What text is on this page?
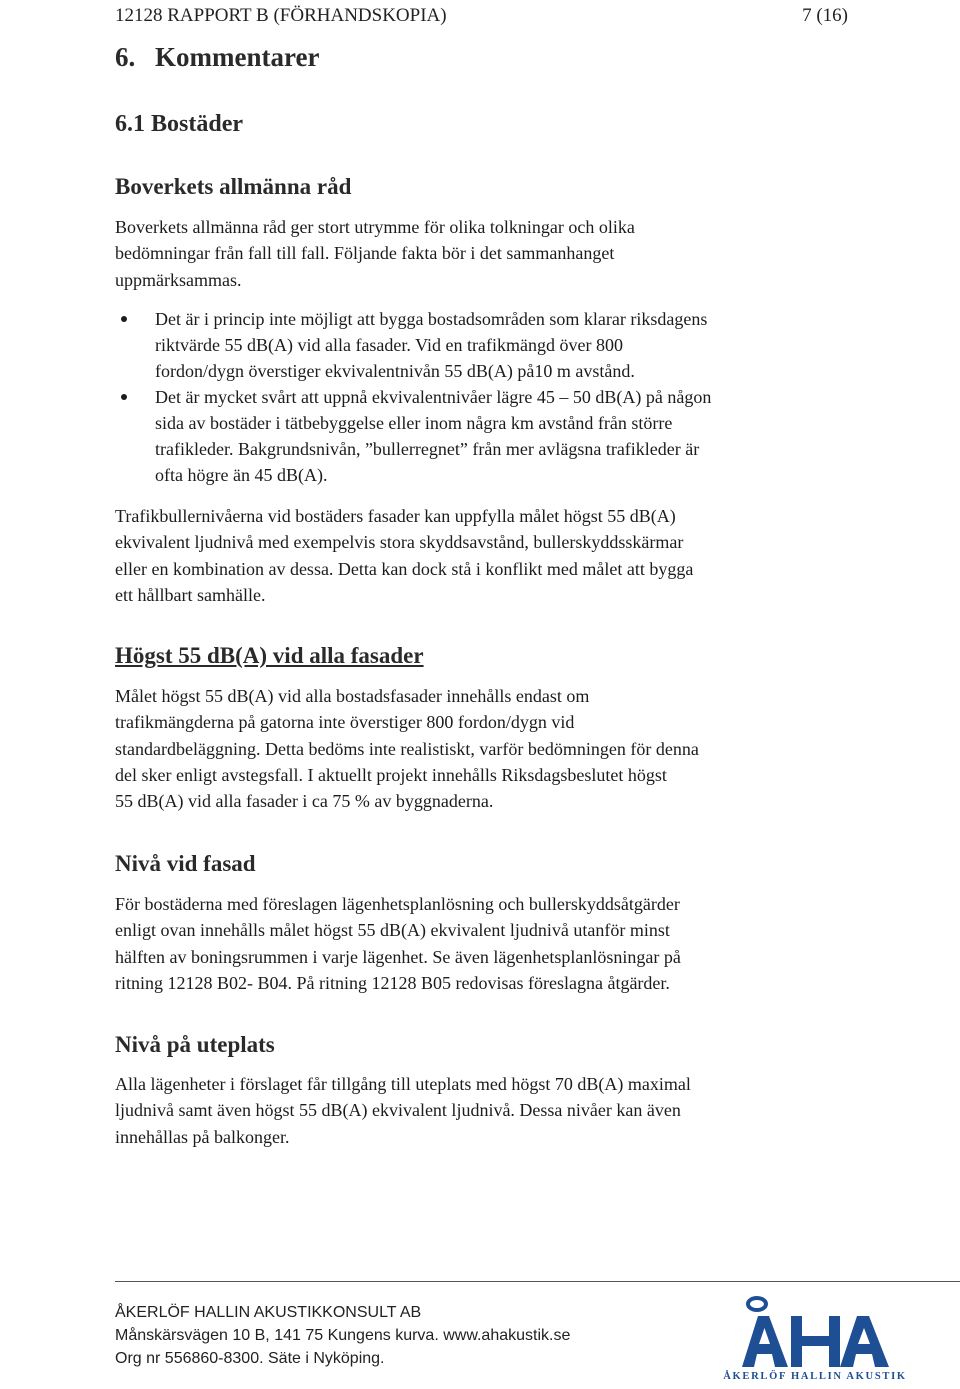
12128 RAPPORT B (FÖRHANDSKOPIA)	7 (16)
6. Kommentarer
6.1 Bostäder
Boverkets allmänna råd

Boverkets allmänna råd ger stort utrymme för olika tolkningar och olika
bedömningar från fall till fall. Följande fakta bör i det sammanhanget
uppmärksammas.

Det är i princip inte möjligt att bygga bostadsområden som klarar riksdagens
riktvärde 55 dB(A) vid alla fasader. Vid en trafikmängd över 800
fordon/dygn överstiger ekvivalentnivån 55 dB(A) på10 m avstånd.
Det är mycket svårt att uppnå ekvivalentnivåer lägre 45 – 50 dB(A) på någon
sida av bostäder i tätbebyggelse eller inom några km avstånd från större
trafikleder. Bakgrundsnivån, ”bullerregnet” från mer avlägsna trafikleder är
ofta högre än 45 dB(A).

Trafikbullernivåerna vid bostäders fasader kan uppfylla målet högst 55 dB(A)
ekvivalent ljudnivå med exempelvis stora skyddsavstånd, bullerskyddsskärmar
eller en kombination av dessa. Detta kan dock stå i konflikt med målet att bygga
ett hållbart samhälle.

Högst 55 dB(A) vid alla fasader

Målet högst 55 dB(A) vid alla bostadsfasader innehålls endast om
trafikmängderna på gatorna inte överstiger 800 fordon/dygn vid
standardbeläggning. Detta bedöms inte realistiskt, varför bedömningen för denna
del sker enligt avstegsfall. I aktuellt projekt innehålls Riksdagsbeslutet högst
55 dB(A) vid alla fasader i ca 75 % av byggnaderna.

Nivå vid fasad

För bostäderna med föreslagen lägenhetsplanlösning och bullerskyddsåtgärder
enligt ovan innehålls målet högst 55 dB(A) ekvivalent ljudnivå utanför minst
hälften av boningsrummen i varje lägenhet. Se även lägenhetsplanlösningar på
ritning 12128 B02- B04. På ritning 12128 B05 redovisas föreslagna åtgärder.

Nivå på uteplats

Alla lägenheter i förslaget får tillgång till uteplats med högst 70 dB(A) maximal
ljudnivå samt även högst 55 dB(A) ekvivalent ljudnivå. Dessa nivåer kan även
innehållas på balkonger.

ÅKERLÖF HALLIN AKUSTIKKONSULT AB
Månskärsvägen 10 B, 141 75 Kungens kurva. www.ahakustik.se
Org nr 556860-8300. Säte i Nyköping.
ÅKERLÖF HALLIN AKUSTIK
